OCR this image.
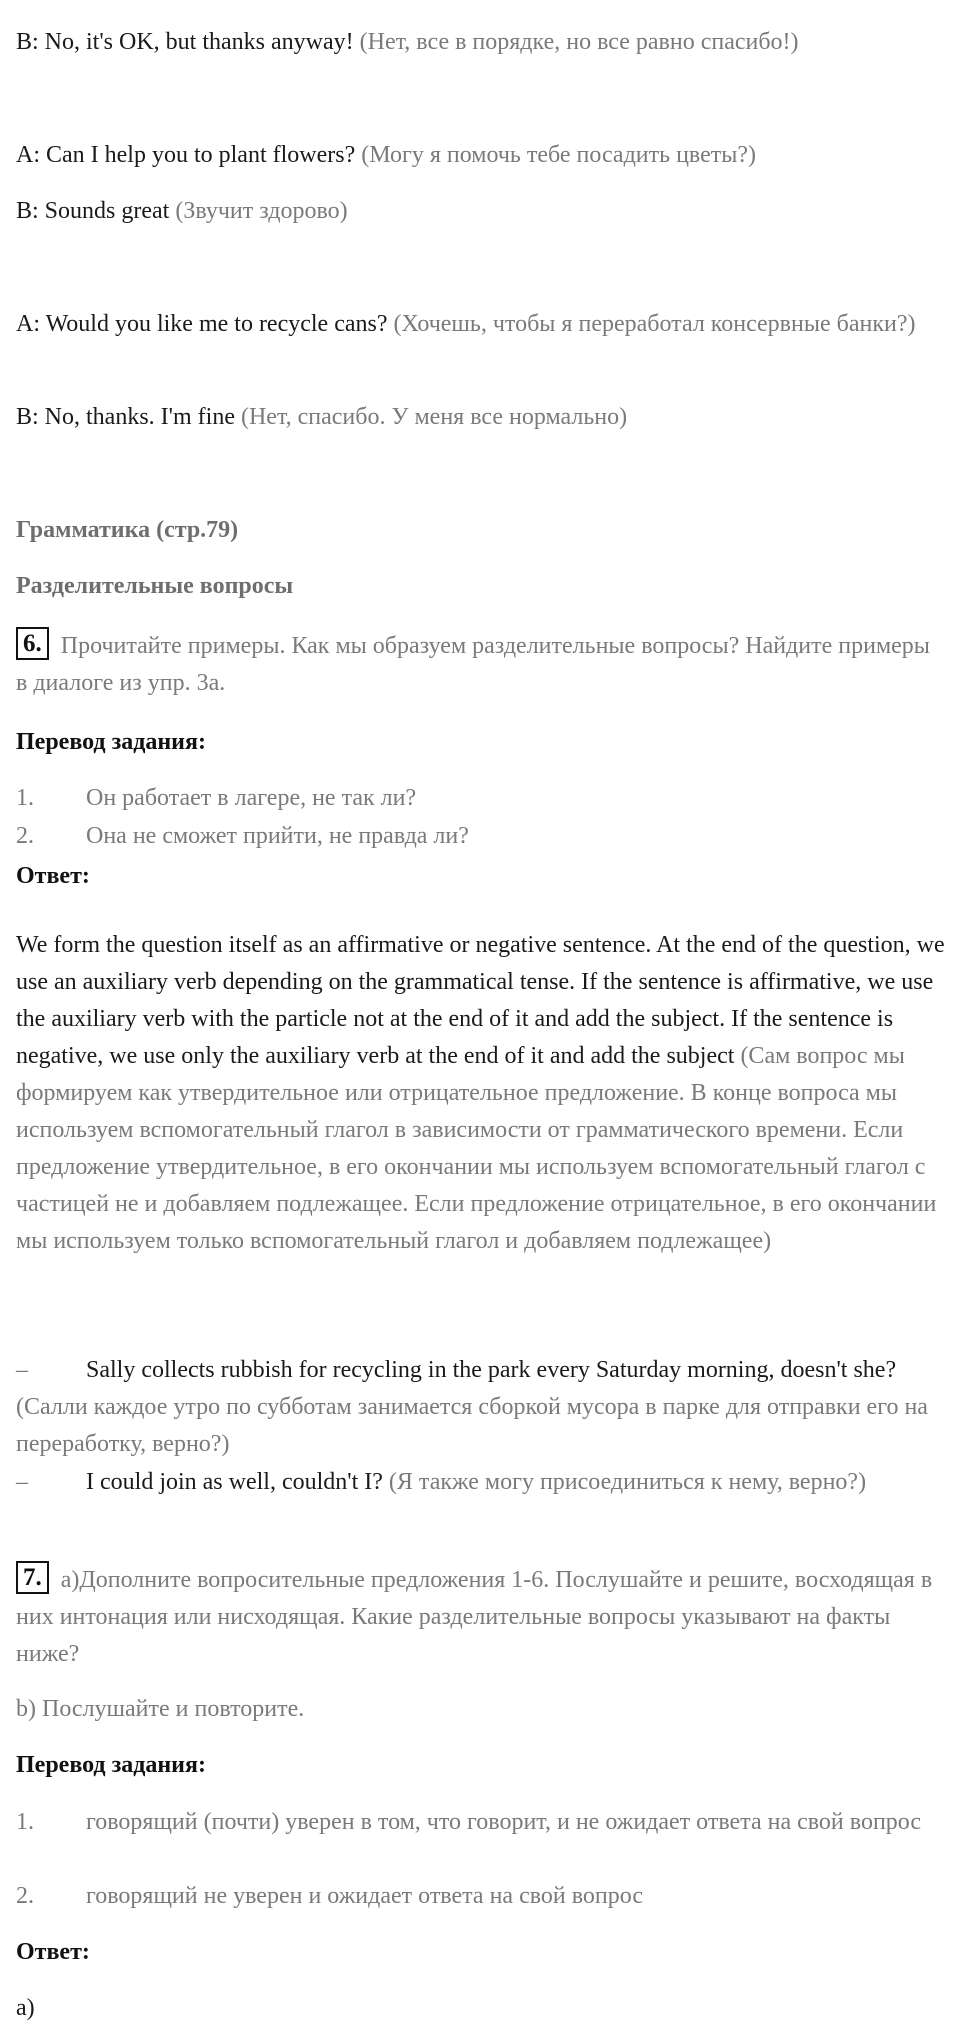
B: No, it's OK, but thanks anyway! (Нет, все в порядке, но все равно спасибо!)

A: Can I help you to plant flowers? (Могу я помочь тебе посадить цветы?)

B: Sounds great (Звучит здорово)

A: Would you like me to recycle cans? (Хочешь, чтобы я переработал консервные банки?)

B: No, thanks. I'm fine (Нет, спасибо. У меня все нормально)

Грамматика (стр.79)

Разделительные вопросы

6. Прочитайте примеры. Как мы образуем разделительные вопросы? Найдите примеры в диалоге из упр. 3а.

Перевод задания:

1. Он работает в лагере, не так ли?
2. Она не сможет прийти, не правда ли?

Ответ:

We form the question itself as an affirmative or negative sentence. At the end of the question, we use an auxiliary verb depending on the grammatical tense. If the sentence is affirmative, we use the auxiliary verb with the particle not at the end of it and add the subject. If the sentence is negative, we use only the auxiliary verb at the end of it and add the subject (Сам вопрос мы формируем как утвердительное или отрицательное предложение. В конце вопроса мы используем вспомогательный глагол в зависимости от грамматического времени. Если предложение утвердительное, в его окончании мы используем вспомогательный глагол с частицей не и добавляем подлежащее. Если предложение отрицательное, в его окончании мы используем только вспомогательный глагол и добавляем подлежащее)

– Sally collects rubbish for recycling in the park every Saturday morning, doesn't she? (Салли каждое утро по субботам занимается сборкой мусора в парке для отправки его на переработку, верно?)

– I could join as well, couldn't I? (Я также могу присоединиться к нему, верно?)

7. a)Дополните вопросительные предложения 1-6. Послушайте и решите, восходящая в них интонация или нисходящая. Какие разделительные вопросы указывают на факты ниже?

b) Послушайте и повторите.

Перевод задания:

1. говорящий (почти) уверен в том, что говорит, и не ожидает ответа на свой вопрос
2. говорящий не уверен и ожидает ответа на свой вопрос

Ответ:

a)
